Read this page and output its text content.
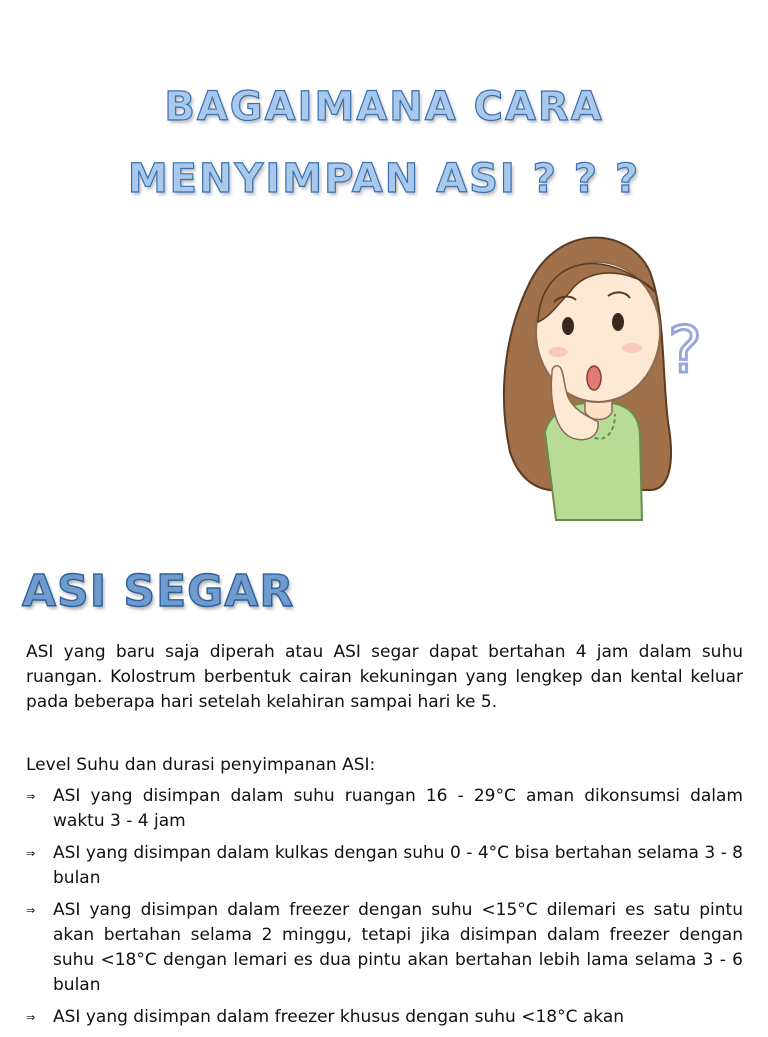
BAGAIMANA CARA
MENYIMPAN ASI ? ? ?
?
ASI SEGAR
ASI yang baru saja diperah atau ASI segar dapat bertahan 4 jam dalam suhu ruangan. Kolostrum berbentuk cairan kekuningan yang lengkep dan kental keluar pada beberapa hari setelah kelahiran sampai hari ke 5.
Level Suhu dan durasi penyimpanan ASI:
⇒ ASI yang disimpan dalam suhu ruangan 16 - 29°C aman dikonsumsi dalam waktu 3 - 4 jam
⇒ ASI yang disimpan dalam kulkas dengan suhu 0 - 4°C bisa bertahan selama 3 - 8 bulan
⇒ ASI yang disimpan dalam freezer dengan suhu <15°C dilemari es satu pintu akan bertahan selama 2 minggu, tetapi jika disimpan dalam freezer dengan suhu <18°C dengan lemari es dua pintu akan bertahan lebih lama selama 3 - 6 bulan
⇒ ASI yang disimpan dalam freezer khusus dengan suhu <18°C akan
